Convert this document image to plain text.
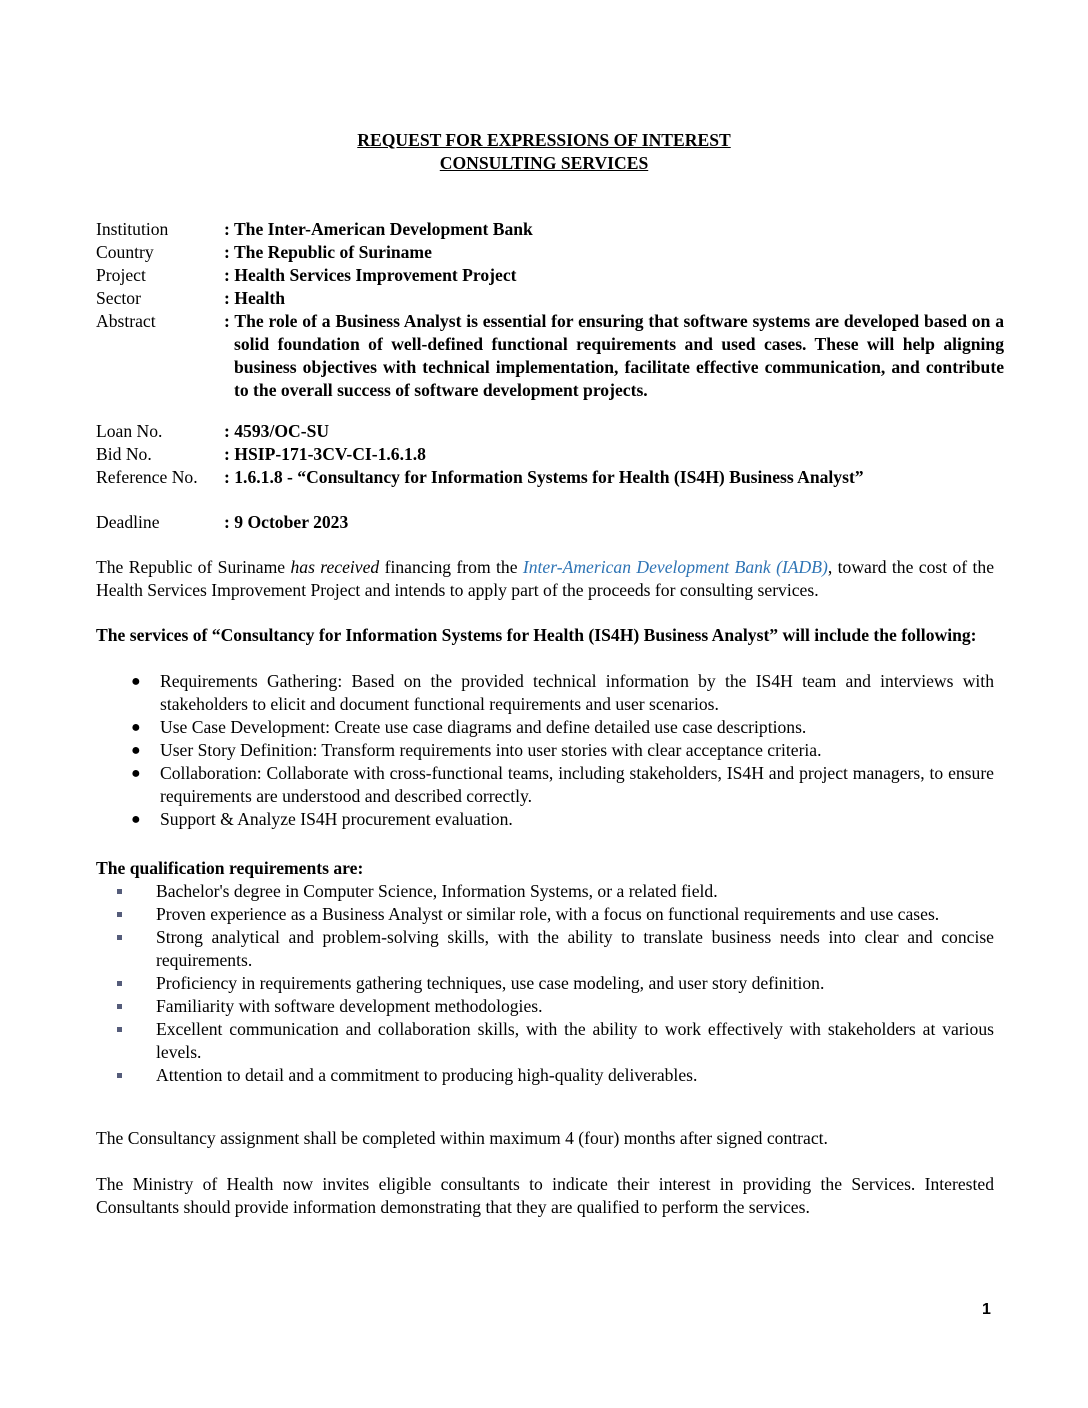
REQUEST FOR EXPRESSIONS OF INTEREST
CONSULTING SERVICES
Institution	: The Inter-American Development Bank
Country	: The Republic of Suriname
Project	: Health Services Improvement Project
Sector	: Health
Abstract	: The role of a Business Analyst is essential for ensuring that software systems are developed based on a solid foundation of well-defined functional requirements and used cases. These will help aligning business objectives with technical implementation, facilitate effective communication, and contribute to the overall success of software development projects.
Loan No.	: 4593/OC-SU
Bid No.	: HSIP-171-3CV-CI-1.6.1.8
Reference No. : 1.6.1.8 - “Consultancy for Information Systems for Health (IS4H) Business Analyst”
Deadline	: 9 October 2023
The Republic of Suriname has received financing from the Inter-American Development Bank (IADB), toward the cost of the Health Services Improvement Project and intends to apply part of the proceeds for consulting services.
The services of “Consultancy for Information Systems for Health (IS4H) Business Analyst” will include the following:
● Requirements Gathering: Based on the provided technical information by the IS4H team and interviews with stakeholders to elicit and document functional requirements and user scenarios.
● Use Case Development: Create use case diagrams and define detailed use case descriptions.
● User Story Definition: Transform requirements into user stories with clear acceptance criteria.
● Collaboration: Collaborate with cross-functional teams, including stakeholders, IS4H and project managers, to ensure requirements are understood and described correctly.
● Support & Analyze IS4H procurement evaluation.
The qualification requirements are:
Bachelor's degree in Computer Science, Information Systems, or a related field.
Proven experience as a Business Analyst or similar role, with a focus on functional requirements and use cases.
Strong analytical and problem-solving skills, with the ability to translate business needs into clear and concise requirements.
Proficiency in requirements gathering techniques, use case modeling, and user story definition.
Familiarity with software development methodologies.
Excellent communication and collaboration skills, with the ability to work effectively with stakeholders at various levels.
Attention to detail and a commitment to producing high-quality deliverables.
The Consultancy assignment shall be completed within maximum 4 (four) months after signed contract.
The Ministry of Health now invites eligible consultants to indicate their interest in providing the Services. Interested Consultants should provide information demonstrating that they are qualified to perform the services.
1
